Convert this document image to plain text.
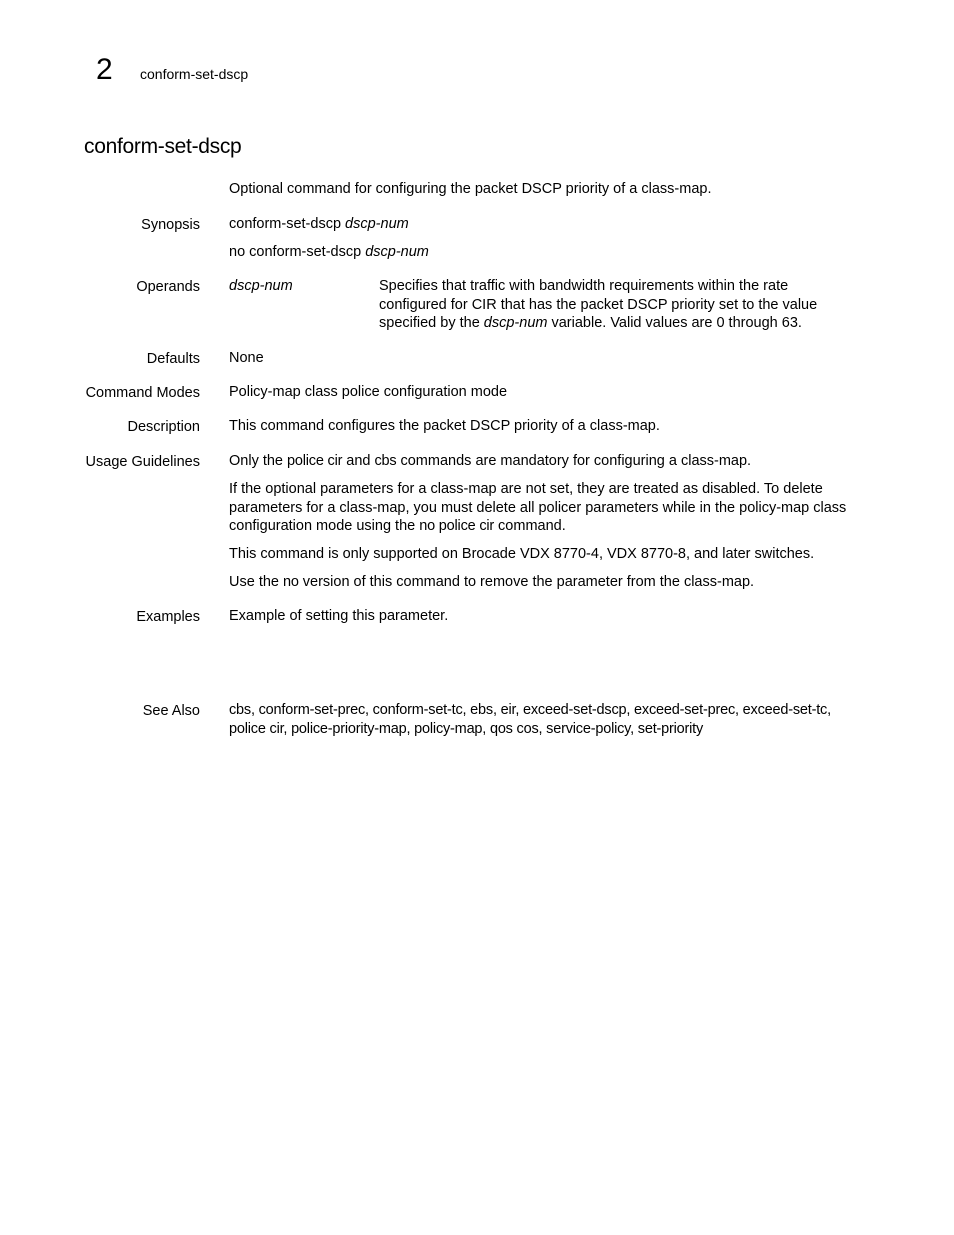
2 conform-set-dscp
conform-set-dscp
Optional command for configuring the packet DSCP priority of a class-map.
Synopsis conform-set-dscp dscp-num
no conform-set-dscp dscp-num
Operands dscp-num	Specifies that traffic with bandwidth requirements within the rate configured for CIR that has the packet DSCP priority set to the value specified by the dscp-num variable. Valid values are 0 through 63.
Defaults None
Command Modes Policy-map class police configuration mode
Description This command configures the packet DSCP priority of a class-map.
Usage Guidelines Only the police cir and cbs commands are mandatory for configuring a class-map.
If the optional parameters for a class-map are not set, they are treated as disabled. To delete parameters for a class-map, you must delete all policer parameters while in the policy-map class configuration mode using the no police cir command.
This command is only supported on Brocade VDX 8770-4, VDX 8770-8, and later switches.
Use the no version of this command to remove the parameter from the class-map.
Examples Example of setting this parameter.
See Also cbs, conform-set-prec, conform-set-tc, ebs, eir, exceed-set-dscp, exceed-set-prec, exceed-set-tc,
police cir, police-priority-map, policy-map, qos cos, service-policy, set-priority
